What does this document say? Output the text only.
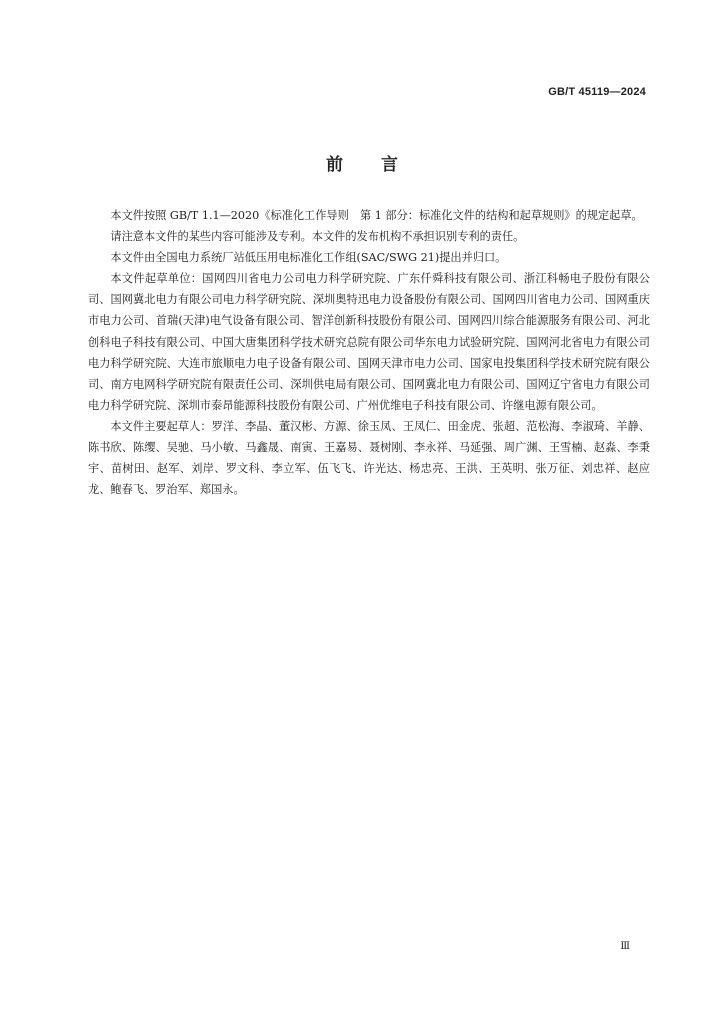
GB/T 45119—2024
前言

本文件按照 GB/T 1.1—2020《标准化工作导则　第 1 部分：标准化文件的结构和起草规则》的规定起草。

请注意本文件的某些内容可能涉及专利。本文件的发布机构不承担识别专利的责任。

本文件由全国电力系统厂站低压用电标准化工作组(SAC/SWG 21)提出并归口。

本文件起草单位：国网四川省电力公司电力科学研究院、广东仟舜科技有限公司、浙江科畅电子股份有限公司、国网冀北电力有限公司电力科学研究院、深圳奥特迅电力设备股份有限公司、国网四川省电力公司、国网重庆市电力公司、首瑞(天津)电气设备有限公司、智洋创新科技股份有限公司、国网四川综合能源服务有限公司、河北创科电子科技有限公司、中国大唐集团科学技术研究总院有限公司华东电力试验研究院、国网河北省电力有限公司电力科学研究院、大连市旅顺电力电子设备有限公司、国网天津市电力公司、国家电投集团科学技术研究院有限公司、南方电网科学研究院有限责任公司、深圳供电局有限公司、国网冀北电力有限公司、国网辽宁省电力有限公司电力科学研究院、深圳市泰昂能源科技股份有限公司、广州优维电子科技有限公司、许继电源有限公司。

本文件主要起草人：罗洋、李晶、董汉彬、方源、徐玉凤、王凤仁、田金虎、张超、范松海、李淑琦、羊静、陈书欣、陈缨、吴驰、马小敏、马鑫晟、南寅、王嘉易、聂树刚、李永祥、马延强、周广渊、王雪楠、赵淼、李秉宇、苗树田、赵军、刘岸、罗文科、李立军、伍飞飞、许光达、杨忠亮、王洪、王英明、张万征、刘忠祥、赵应龙、鲍春飞、罗治军、郑国永。

Ⅲ
